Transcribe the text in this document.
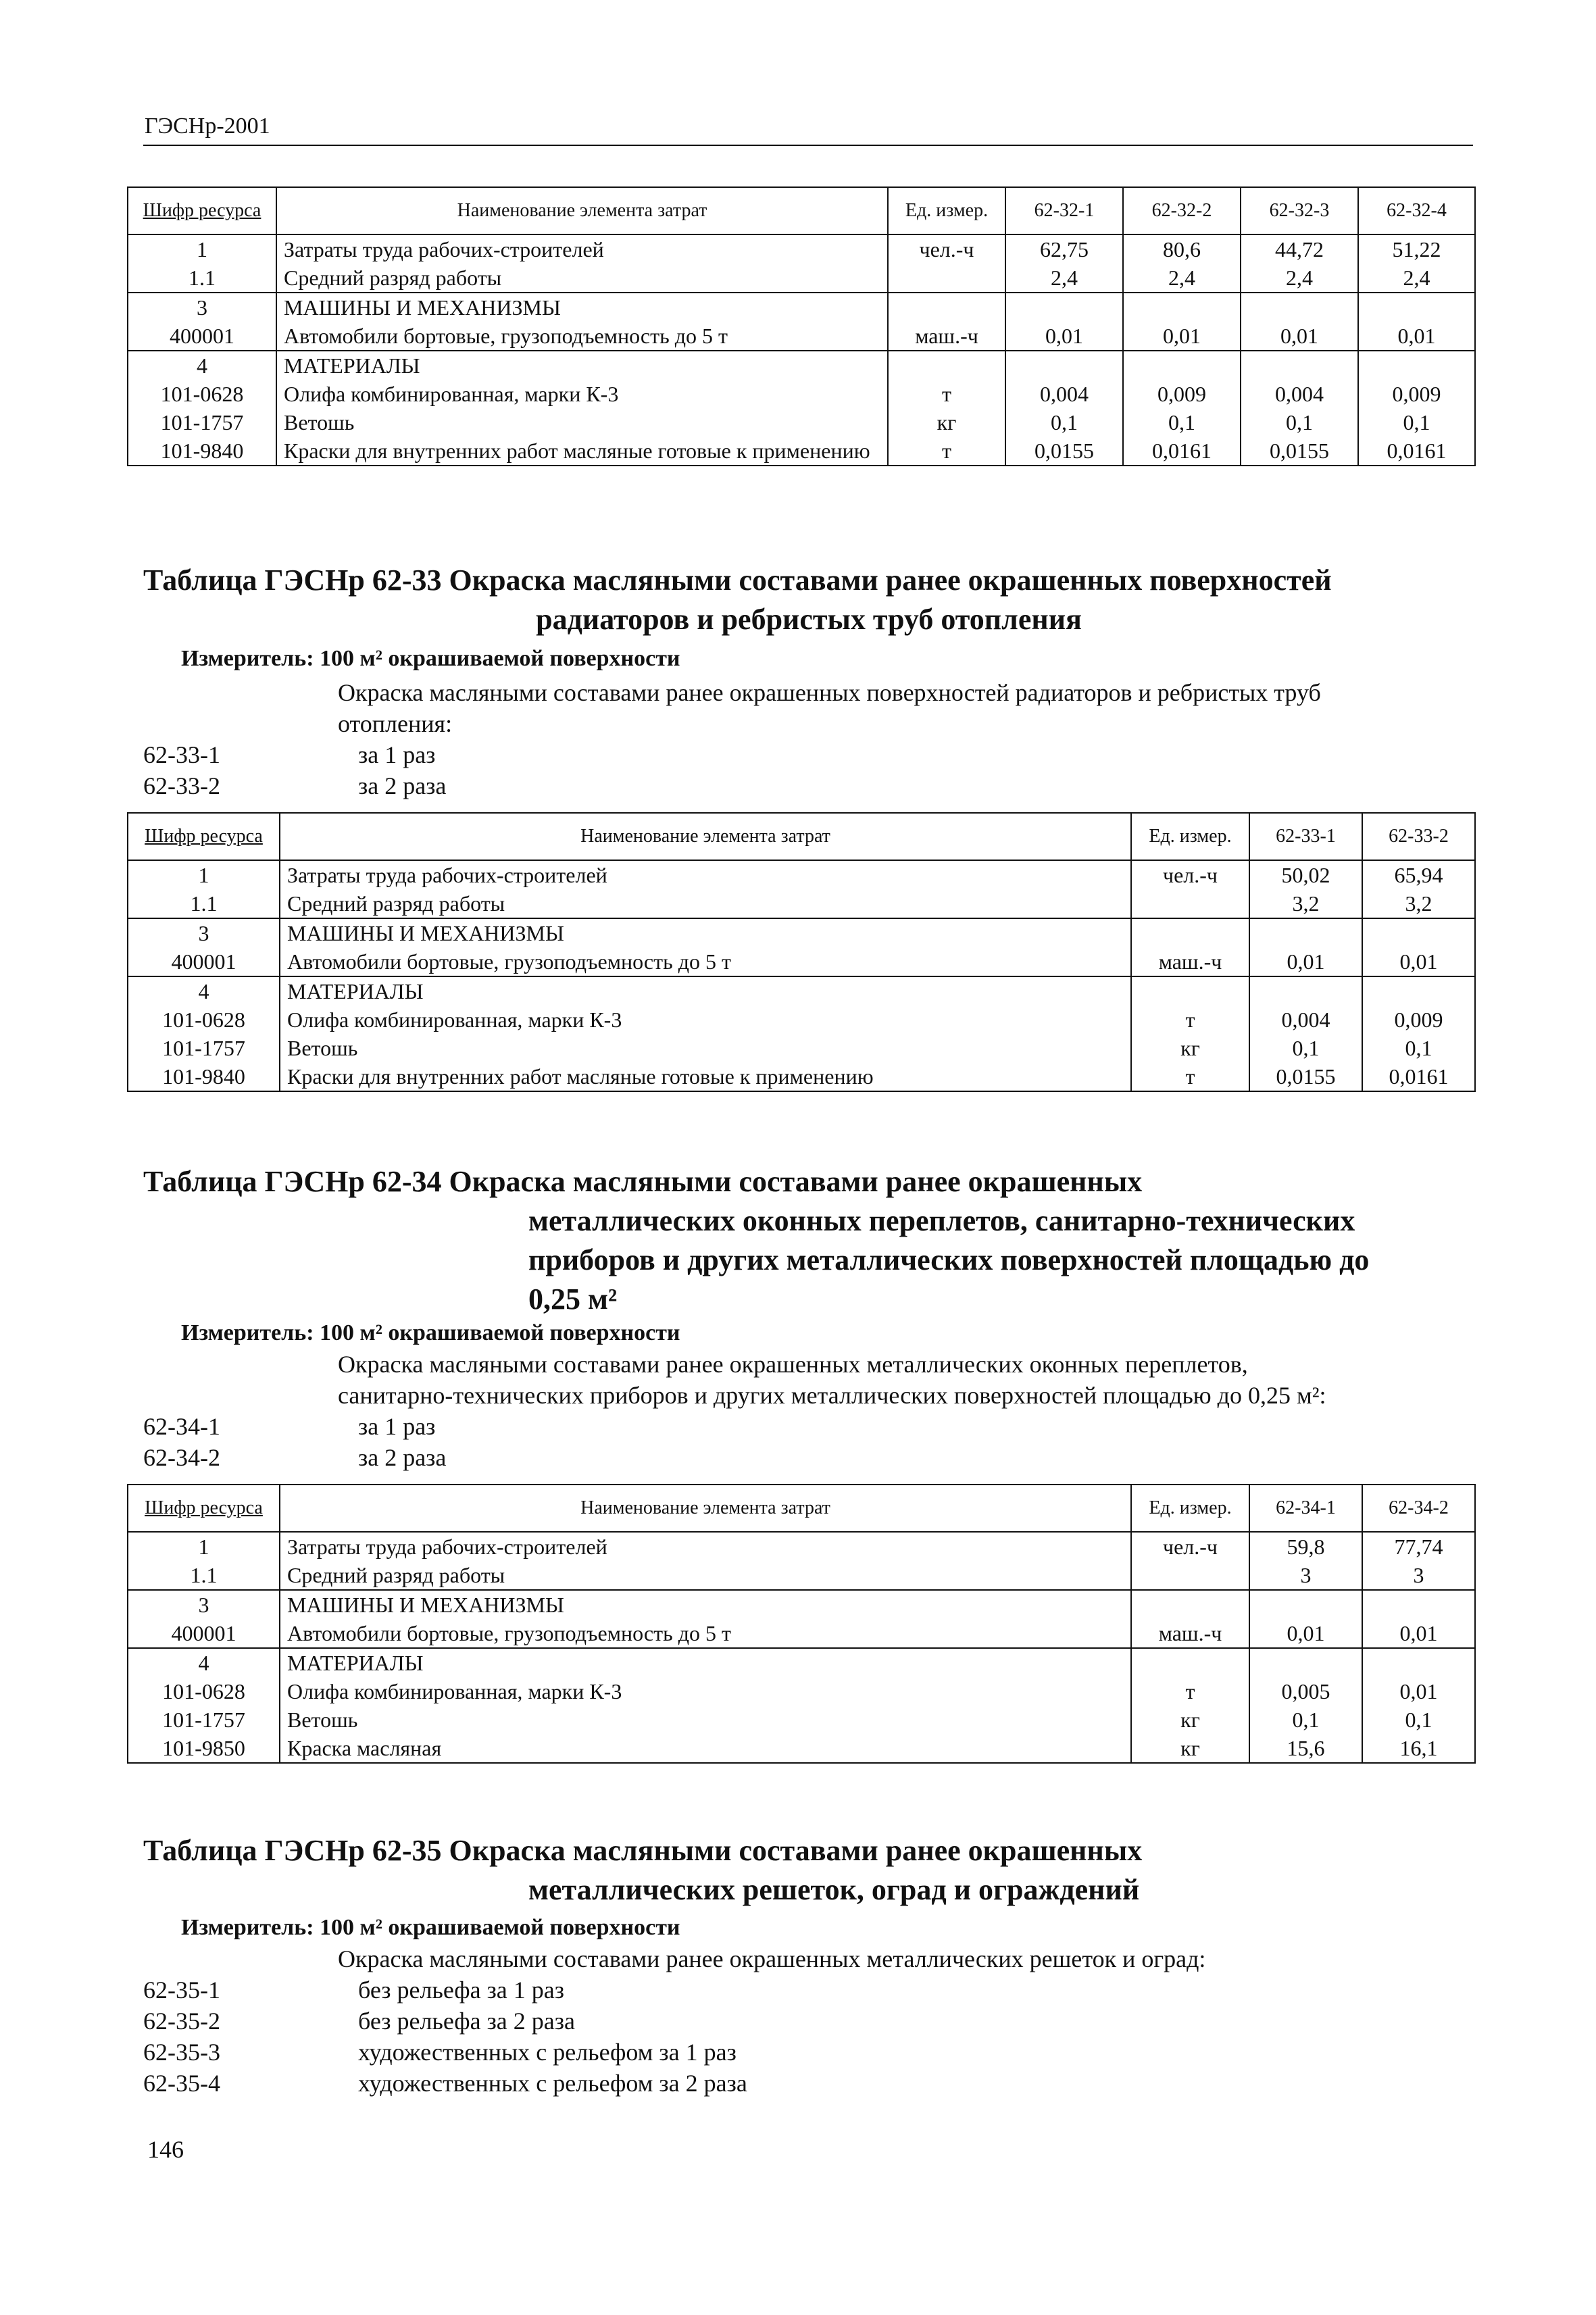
ГЭСНр-2001
Шифр ресурса	Наименование элемента затрат	Ед. измер.	62-32-1	62-32-2	62-32-3	62-32-4
1	Затраты труда рабочих-строителей	чел.-ч	62,75	80,6	44,72	51,22
1.1	Средний разряд работы		2,4	2,4	2,4	2,4
3	МАШИНЫ И МЕХАНИЗМЫ					
400001	Автомобили бортовые, грузоподъемность до 5 т	маш.-ч	0,01	0,01	0,01	0,01
4	МАТЕРИАЛЫ					
101-0628	Олифа комбинированная, марки К-3	т	0,004	0,009	0,004	0,009
101-1757	Ветошь	кг	0,1	0,1	0,1	0,1
101-9840	Краски для внутренних работ масляные готовые к применению	т	0,0155	0,0161	0,0155	0,0161
Таблица ГЭСНр 62-33 Окраска масляными составами ранее окрашенных поверхностей
радиаторов и ребристых труб отопления
Измеритель: 100 м² окрашиваемой поверхности
Окраска масляными составами ранее окрашенных поверхностей радиаторов и ребристых труб
отопления:
62-33-1	за 1 раз
62-33-2	за 2 раза
Шифр ресурса	Наименование элемента затрат	Ед. измер.	62-33-1	62-33-2
1	Затраты труда рабочих-строителей	чел.-ч	50,02	65,94
1.1	Средний разряд работы		3,2	3,2
3	МАШИНЫ И МЕХАНИЗМЫ			
400001	Автомобили бортовые, грузоподъемность до 5 т	маш.-ч	0,01	0,01
4	МАТЕРИАЛЫ			
101-0628	Олифа комбинированная, марки К-3	т	0,004	0,009
101-1757	Ветошь	кг	0,1	0,1
101-9840	Краски для внутренних работ масляные готовые к применению	т	0,0155	0,0161
Таблица ГЭСНр 62-34 Окраска масляными составами ранее окрашенных
металлических оконных переплетов, санитарно-технических
приборов и других металлических поверхностей площадью до
0,25 м²
Измеритель: 100 м² окрашиваемой поверхности
Окраска масляными составами ранее окрашенных металлических оконных переплетов,
санитарно-технических приборов и других металлических поверхностей площадью до 0,25 м²:
62-34-1	за 1 раз
62-34-2	за 2 раза
Шифр ресурса	Наименование элемента затрат	Ед. измер.	62-34-1	62-34-2
1	Затраты труда рабочих-строителей	чел.-ч	59,8	77,74
1.1	Средний разряд работы		3	3
3	МАШИНЫ И МЕХАНИЗМЫ			
400001	Автомобили бортовые, грузоподъемность до 5 т	маш.-ч	0,01	0,01
4	МАТЕРИАЛЫ			
101-0628	Олифа комбинированная, марки К-3	т	0,005	0,01
101-1757	Ветошь	кг	0,1	0,1
101-9850	Краска масляная	кг	15,6	16,1
Таблица ГЭСНр 62-35 Окраска масляными составами ранее окрашенных
металлических решеток, оград и ограждений
Измеритель: 100 м² окрашиваемой поверхности
Окраска масляными составами ранее окрашенных металлических решеток и оград:
62-35-1	без рельефа за 1 раз
62-35-2	без рельефа за 2 раза
62-35-3	художественных с рельефом за 1 раз
62-35-4	художественных с рельефом за 2 раза
146
